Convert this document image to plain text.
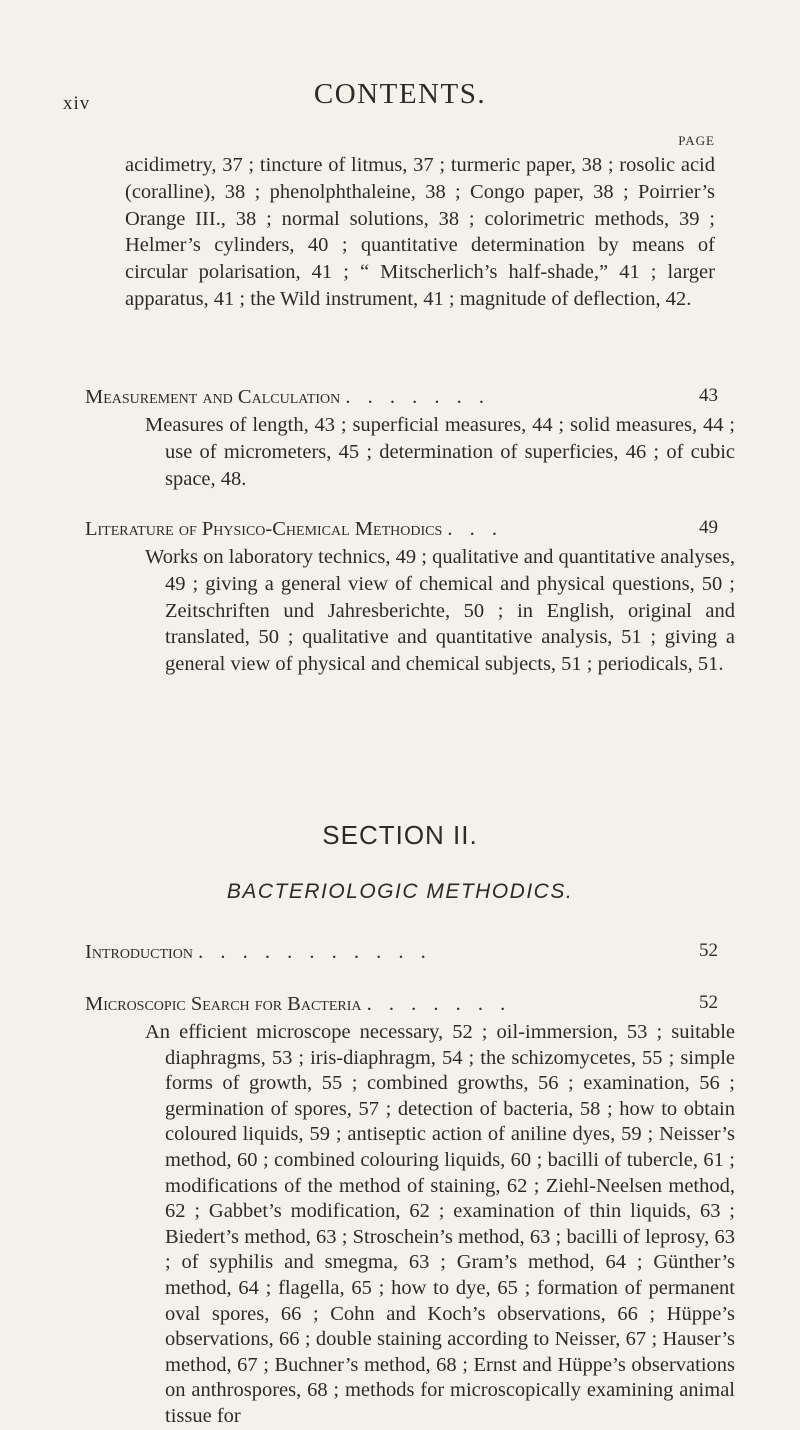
xiv	CONTENTS.
PAGE
acidimetry, 37 ; tincture of litmus, 37 ; turmeric paper, 38 ; rosolic acid (coralline), 38 ; phenolphthaleine, 38 ; Congo paper, 38 ; Poirrier’s Orange III., 38 ; normal solutions, 38 ; colorimetric methods, 39 ; Helmer’s cylinders, 40 ; quantitative determination by means of circular polarisation, 41 ; “ Mitscherlich’s half-shade,” 41 ; larger apparatus, 41 ; the Wild instrument, 41 ; magnitude of deflection, 42.
Measurement and Calculation . . . . . . .	43
Measures of length, 43 ; superficial measures, 44 ; solid measures, 44 ; use of micrometers, 45 ; determination of superficies, 46 ; of cubic space, 48.
Literature of Physico-Chemical Methodics . . .	49
Works on laboratory technics, 49 ; qualitative and quantitative analyses, 49 ; giving a general view of chemical and physical questions, 50 ; Zeitschriften und Jahresberichte, 50 ; in English, original and translated, 50 ; qualitative and quantitative analysis, 51 ; giving a general view of physical and chemical subjects, 51 ; periodicals, 51.
SECTION II.
BACTERIOLOGIC METHODICS.
Introduction . . . . . . . . . . .	52
Microscopic Search for Bacteria . . . . . . .	52
An efficient microscope necessary, 52 ; oil-immersion, 53 ; suitable diaphragms, 53 ; iris-diaphragm, 54 ; the schizomycetes, 55 ; simple forms of growth, 55 ; combined growths, 56 ; examination, 56 ; germination of spores, 57 ; detection of bacteria, 58 ; how to obtain coloured liquids, 59 ; antiseptic action of aniline dyes, 59 ; Neisser’s method, 60 ; combined colouring liquids, 60 ; bacilli of tubercle, 61 ; modifications of the method of staining, 62 ; Ziehl-Neelsen method, 62 ; Gabbet’s modification, 62 ; examination of thin liquids, 63 ; Biedert’s method, 63 ; Stroschein’s method, 63 ; bacilli of leprosy, 63 ; of syphilis and smegma, 63 ; Gram’s method, 64 ; Günther’s method, 64 ; flagella, 65 ; how to dye, 65 ; formation of permanent oval spores, 66 ; Cohn and Koch’s observations, 66 ; Hüppe’s observations, 66 ; double staining according to Neisser, 67 ; Hauser’s method, 67 ; Buchner’s method, 68 ; Ernst and Hüppe’s observations on anthrospores, 68 ; methods for microscopically examining animal tissue for
